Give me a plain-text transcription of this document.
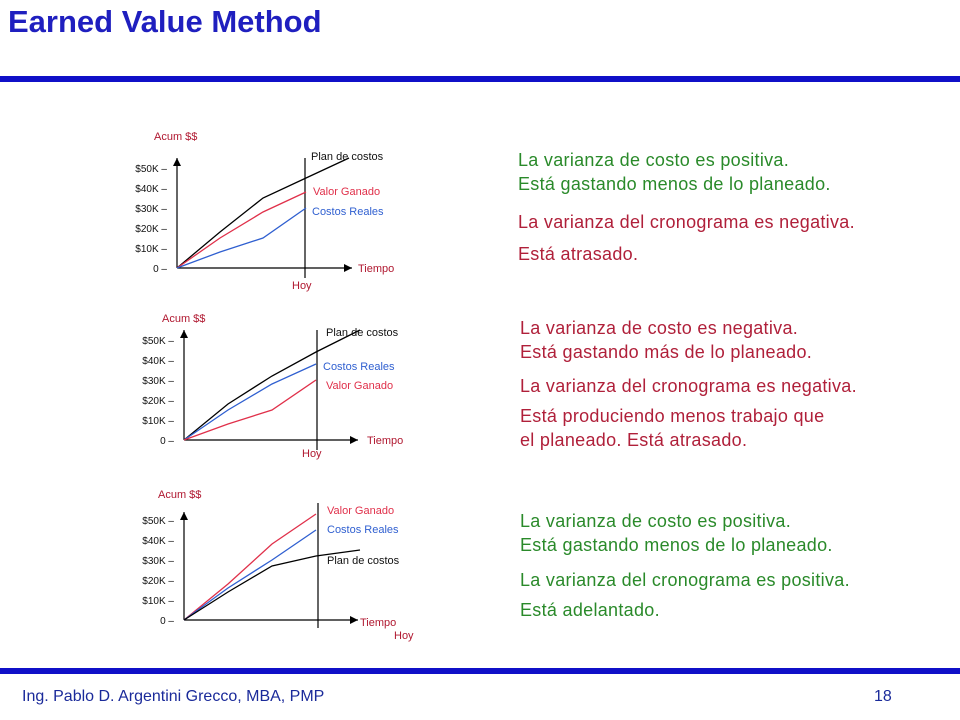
Earned Value Method
0 –
$10K –
$20K –
$30K –
$40K –
$50K –
Acum $$
Tiempo
Hoy
Plan de costos
Valor Ganado
Costos Reales
0 –
$10K –
$20K –
$30K –
$40K –
$50K –
Acum $$
Tiempo
Hoy
Plan de costos
Costos Reales
Valor Ganado
0 –
$10K –
$20K –
$30K –
$40K –
$50K –
Acum $$
Tiempo
Hoy
Valor Ganado
Costos Reales
Plan de costos
La varianza de costo es positiva.
Está gastando menos de lo planeado.
La varianza del cronograma es negativa.
Está atrasado.
La varianza de costo es negativa.
Está gastando más de lo planeado.
La varianza del cronograma es negativa.
Está produciendo menos trabajo que
el planeado. Está atrasado.
La varianza de costo es positiva.
Está gastando menos de lo planeado.
La varianza del cronograma es positiva.
Está adelantado.
Ing. Pablo D. Argentini Grecco, MBA, PMP	18
